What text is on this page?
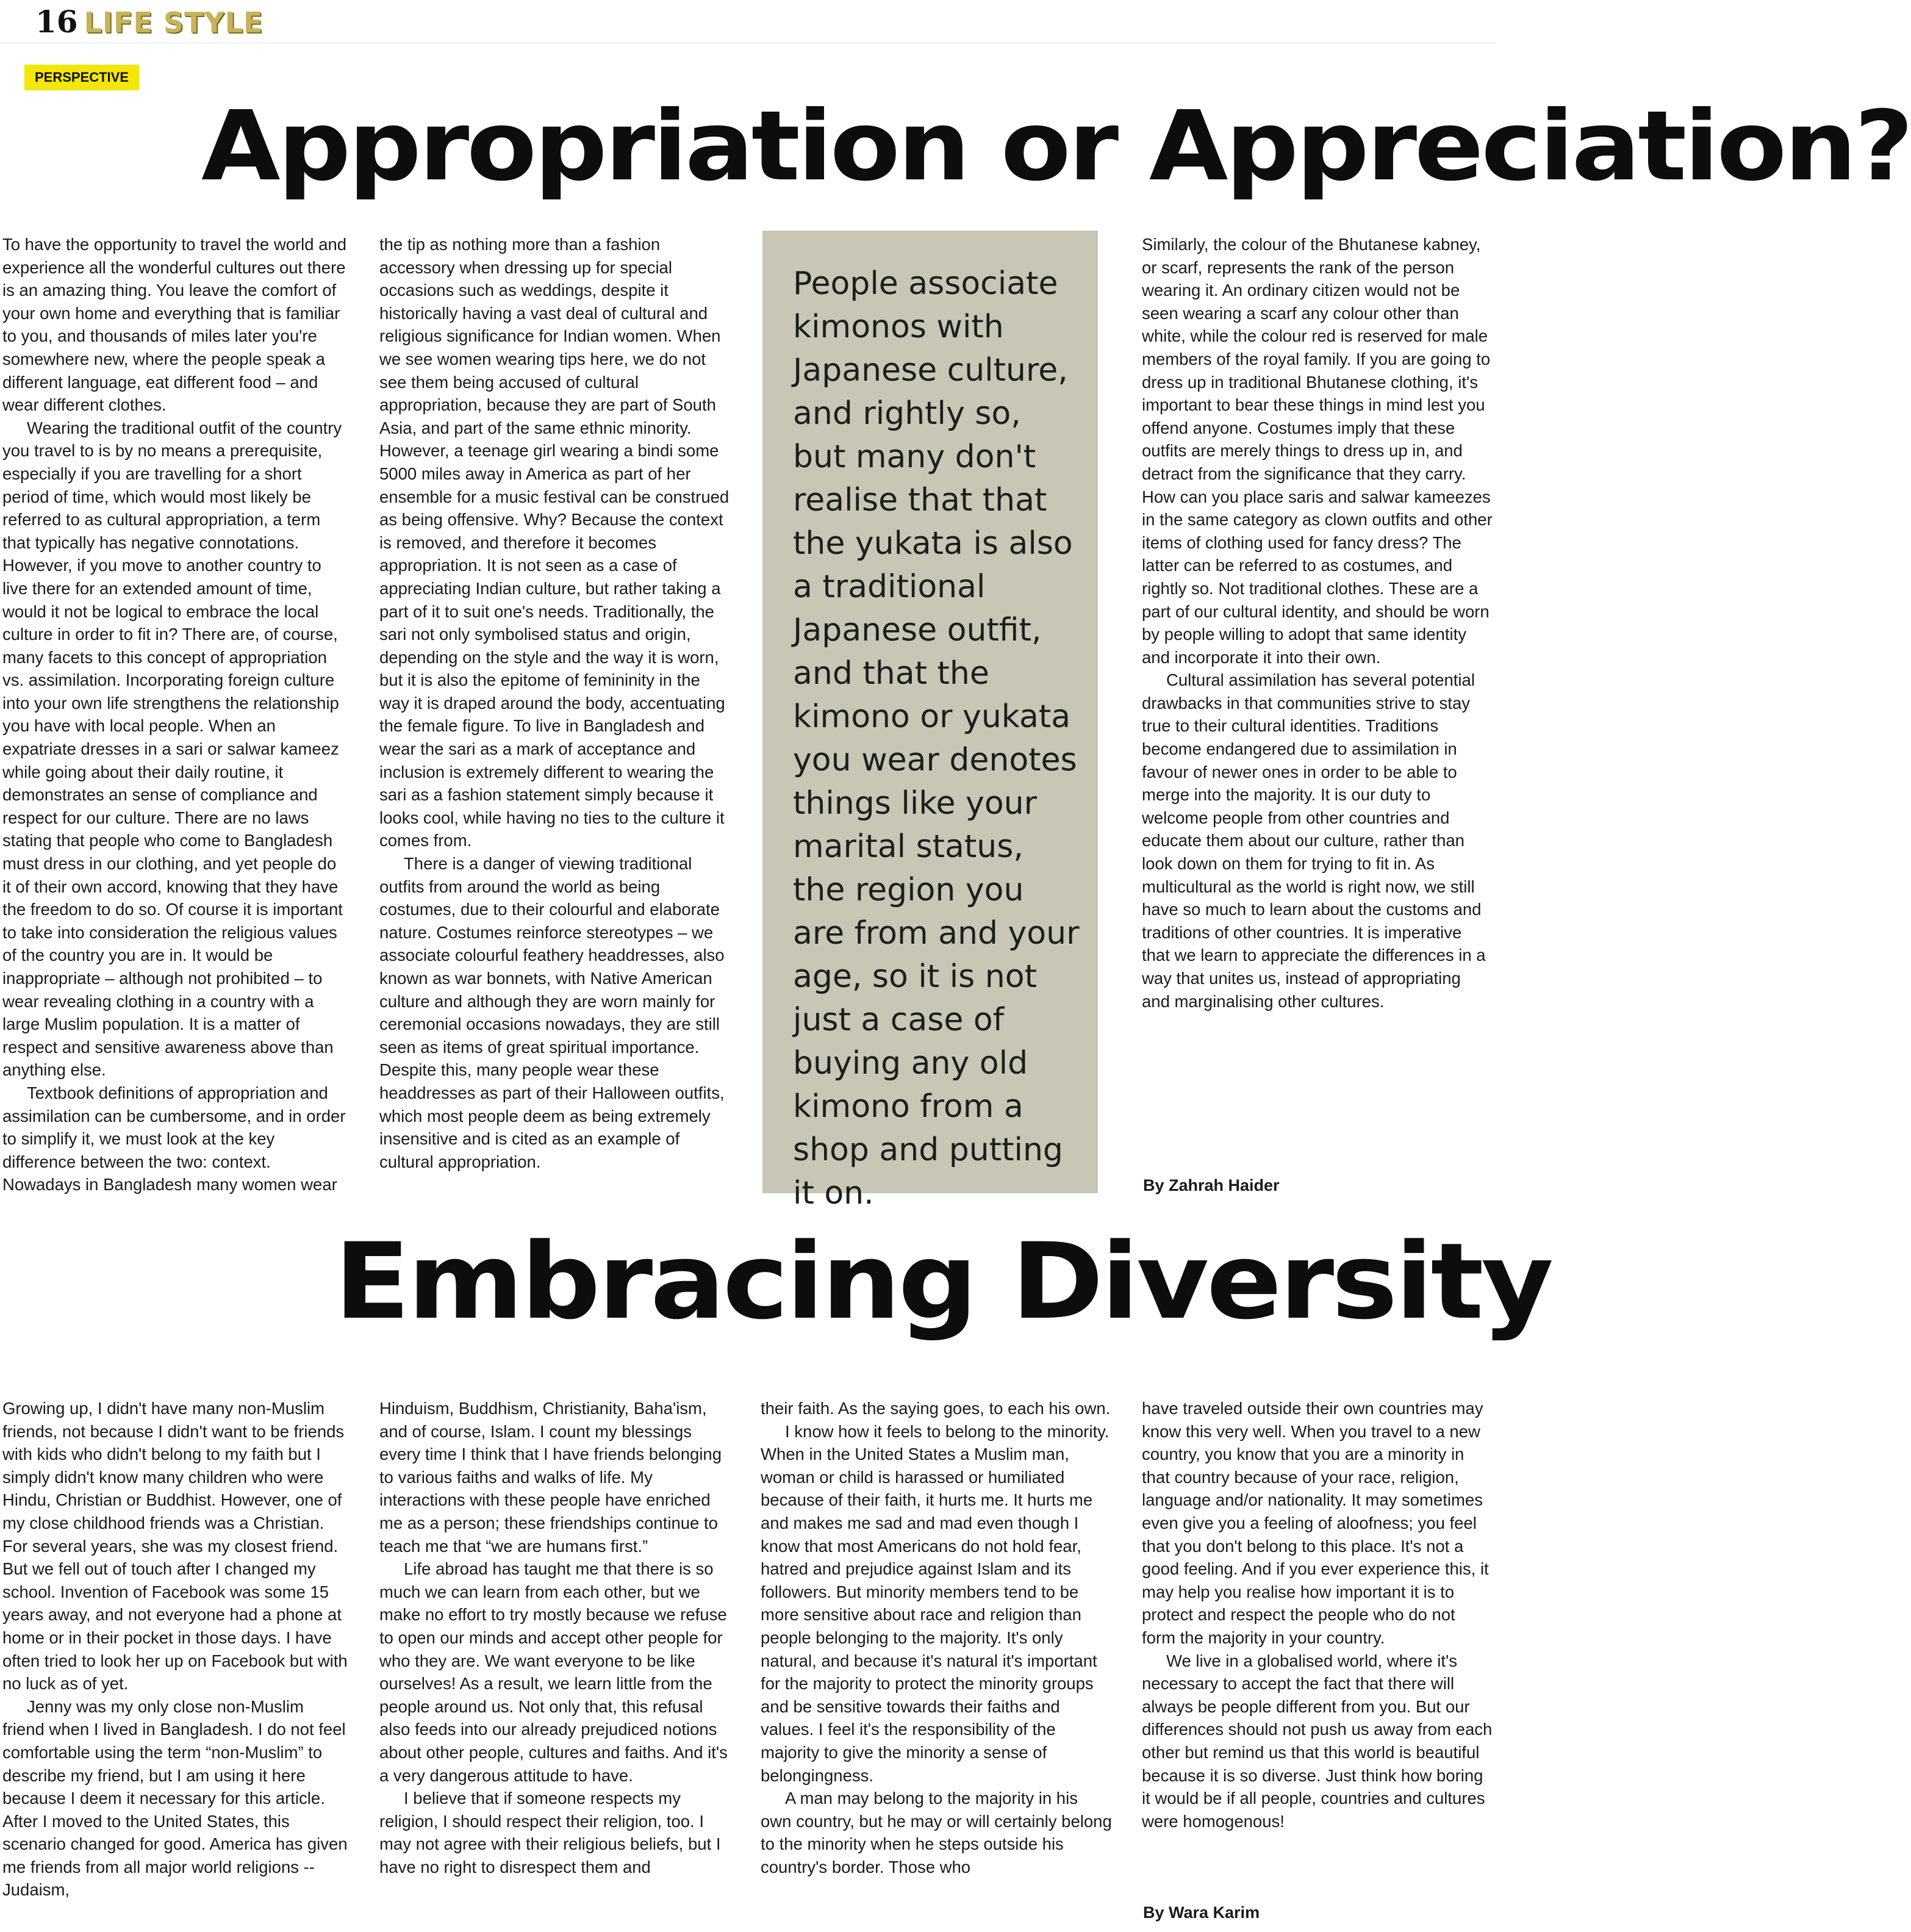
16 LIFE STYLE
PERSPECTIVE
Appropriation or Appreciation?

To have the opportunity to travel the world and experience all the wonderful cultures out there is an amazing thing. You leave the comfort of your own home and everything that is familiar to you, and thousands of miles later you're somewhere new, where the people speak a different language, eat different food – and wear different clothes.

Wearing the traditional outfit of the country you travel to is by no means a prerequisite, especially if you are travelling for a short period of time, which would most likely be referred to as cultural appropriation, a term that typically has negative connotations. However, if you move to another country to live there for an extended amount of time, would it not be logical to embrace the local culture in order to fit in? There are, of course, many facets to this concept of appropriation vs. assimilation. Incorporating foreign culture into your own life strengthens the relationship you have with local people. When an expatriate dresses in a sari or salwar kameez while going about their daily routine, it demonstrates an sense of compliance and respect for our culture. There are no laws stating that people who come to Bangladesh must dress in our clothing, and yet people do it of their own accord, knowing that they have the freedom to do so. Of course it is important to take into consideration the religious values of the country you are in. It would be inappropriate – although not prohibited – to wear revealing clothing in a country with a large Muslim population. It is a matter of respect and sensitive awareness above than anything else.

Textbook definitions of appropriation and assimilation can be cumbersome, and in order to simplify it, we must look at the key difference between the two: context. Nowadays in Bangladesh many women wear

the tip as nothing more than a fashion accessory when dressing up for special occasions such as weddings, despite it historically having a vast deal of cultural and religious significance for Indian women. When we see women wearing tips here, we do not see them being accused of cultural appropriation, because they are part of South Asia, and part of the same ethnic minority. However, a teenage girl wearing a bindi some 5000 miles away in America as part of her ensemble for a music festival can be construed as being offensive. Why? Because the context is removed, and therefore it becomes appropriation. It is not seen as a case of appreciating Indian culture, but rather taking a part of it to suit one's needs. Traditionally, the sari not only symbolised status and origin, depending on the style and the way it is worn, but it is also the epitome of femininity in the way it is draped around the body, accentuating the female figure. To live in Bangladesh and wear the sari as a mark of acceptance and inclusion is extremely different to wearing the sari as a fashion statement simply because it looks cool, while having no ties to the culture it comes from.

There is a danger of viewing traditional outfits from around the world as being costumes, due to their colourful and elaborate nature. Costumes reinforce stereotypes – we associate colourful feathery headdresses, also known as war bonnets, with Native American culture and although they are worn mainly for ceremonial occasions nowadays, they are still seen as items of great spiritual importance. Despite this, many people wear these headdresses as part of their Halloween outfits, which most people deem as being extremely insensitive and is cited as an example of cultural appropriation.

People associate kimonos with Japanese culture, and rightly so, but many don't realise that that the yukata is also a traditional Japanese outfit, and that the kimono or yukata you wear denotes things like your marital status, the region you are from and your age, so it is not just a case of buying any old kimono from a shop and putting it on.

Similarly, the colour of the Bhutanese kabney, or scarf, represents the rank of the person wearing it. An ordinary citizen would not be seen wearing a scarf any colour other than white, while the colour red is reserved for male members of the royal family. If you are going to dress up in traditional Bhutanese clothing, it's important to bear these things in mind lest you offend anyone. Costumes imply that these outfits are merely things to dress up in, and detract from the significance that they carry. How can you place saris and salwar kameezes in the same category as clown outfits and other items of clothing used for fancy dress? The latter can be referred to as costumes, and rightly so. Not traditional clothes. These are a part of our cultural identity, and should be worn by people willing to adopt that same identity and incorporate it into their own.

Cultural assimilation has several potential drawbacks in that communities strive to stay true to their cultural identities. Traditions become endangered due to assimilation in favour of newer ones in order to be able to merge into the majority. It is our duty to welcome people from other countries and educate them about our culture, rather than look down on them for trying to fit in. As multicultural as the world is right now, we still have so much to learn about the customs and traditions of other countries. It is imperative that we learn to appreciate the differences in a way that unites us, instead of appropriating and marginalising other cultures.

By Zahrah Haider
Embracing Diversity

Growing up, I didn't have many non-Muslim friends, not because I didn't want to be friends with kids who didn't belong to my faith but I simply didn't know many children who were Hindu, Christian or Buddhist. However, one of my close childhood friends was a Christian. For several years, she was my closest friend. But we fell out of touch after I changed my school. Invention of Facebook was some 15 years away, and not everyone had a phone at home or in their pocket in those days. I have often tried to look her up on Facebook but with no luck as of yet.

Jenny was my only close non-Muslim friend when I lived in Bangladesh. I do not feel comfortable using the term “non-Muslim” to describe my friend, but I am using it here because I deem it necessary for this article. After I moved to the United States, this scenario changed for good. America has given me friends from all major world religions -- Judaism,

Hinduism, Buddhism, Christianity, Baha'ism, and of course, Islam. I count my blessings every time I think that I have friends belonging to various faiths and walks of life. My interactions with these people have enriched me as a person; these friendships continue to teach me that “we are humans first.”

Life abroad has taught me that there is so much we can learn from each other, but we make no effort to try mostly because we refuse to open our minds and accept other people for who they are. We want everyone to be like ourselves! As a result, we learn little from the people around us. Not only that, this refusal also feeds into our already prejudiced notions about other people, cultures and faiths. And it's a very dangerous attitude to have.

I believe that if someone respects my religion, I should respect their religion, too. I may not agree with their religious beliefs, but I have no right to disrespect them and

their faith. As the saying goes, to each his own.

I know how it feels to belong to the minority. When in the United States a Muslim man, woman or child is harassed or humiliated because of their faith, it hurts me. It hurts me and makes me sad and mad even though I know that most Americans do not hold fear, hatred and prejudice against Islam and its followers. But minority members tend to be more sensitive about race and religion than people belonging to the majority. It's only natural, and because it's natural it's important for the majority to protect the minority groups and be sensitive towards their faiths and values. I feel it's the responsibility of the majority to give the minority a sense of belongingness.

A man may belong to the majority in his own country, but he may or will certainly belong to the minority when he steps outside his country's border. Those who

have traveled outside their own countries may know this very well. When you travel to a new country, you know that you are a minority in that country because of your race, religion, language and/or nationality. It may sometimes even give you a feeling of aloofness; you feel that you don't belong to this place. It's not a good feeling. And if you ever experience this, it may help you realise how important it is to protect and respect the people who do not form the majority in your country.

We live in a globalised world, where it's necessary to accept the fact that there will always be people different from you. But our differences should not push us away from each other but remind us that this world is beautiful because it is so diverse. Just think how boring it would be if all people, countries and cultures were homogenous!

By Wara Karim
